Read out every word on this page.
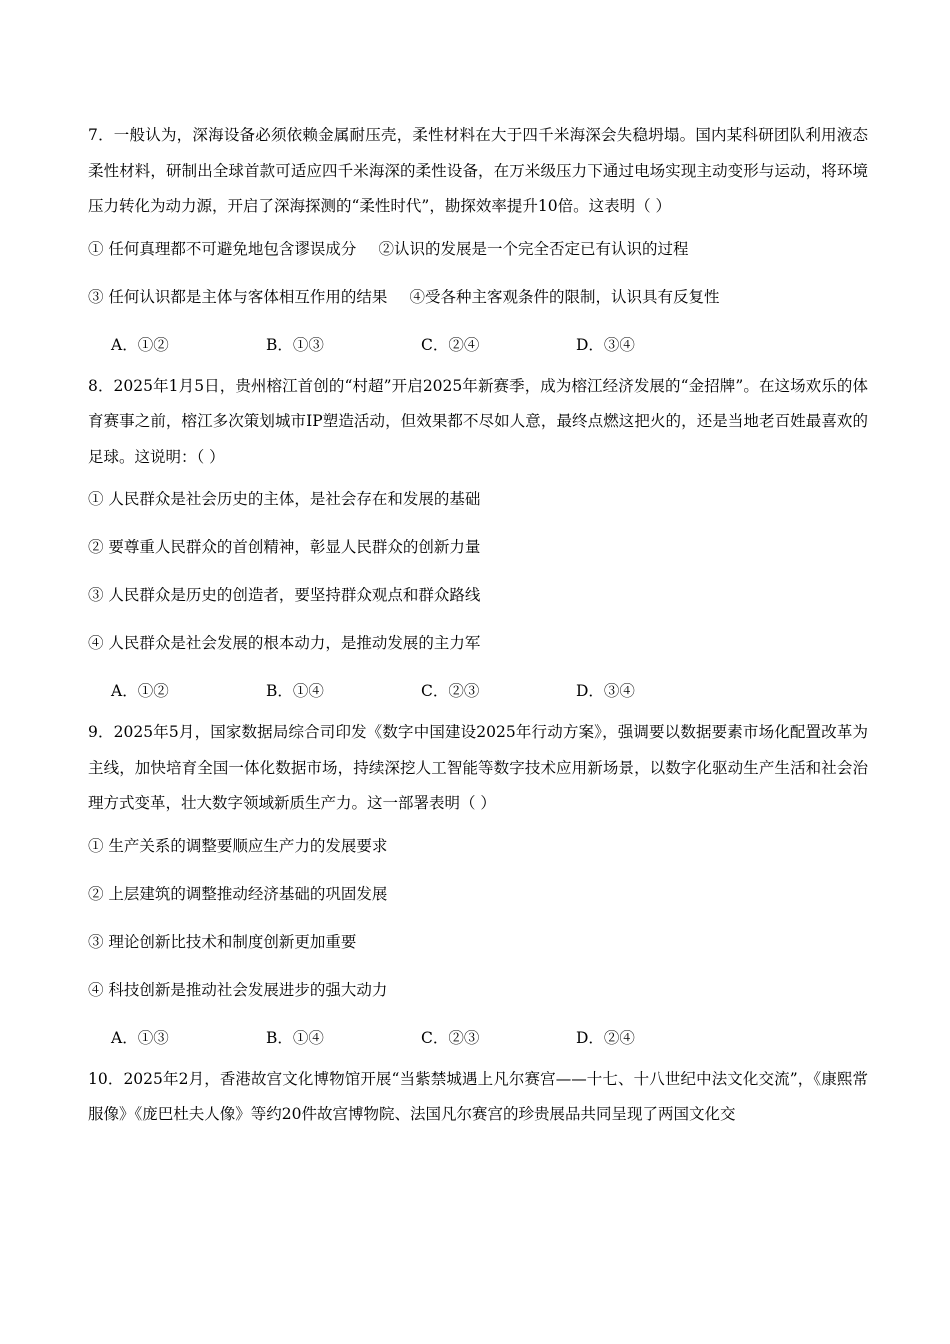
7．一般认为，深海设备必须依赖金属耐压壳，柔性材料在大于四千米海深会失稳坍塌。国内某科研团队利用液态柔性材料，研制出全球首款可适应四千米海深的柔性设备，在万米级压力下通过电场实现主动变形与运动，将环境压力转化为动力源，开启了深海探测的“柔性时代”，勘探效率提升10倍。这表明（ ）

① 任何真理都不可避免地包含谬误成分 ②认识的发展是一个完全否定已有认识的过程

③ 任何认识都是主体与客体相互作用的结果 ④受各种主客观条件的限制，认识具有反复性

A．①②	B．①③	C．②④	D．③④

8．2025年1月5日，贵州榕江首创的“村超”开启2025年新赛季，成为榕江经济发展的“金招牌”。在这场欢乐的体育赛事之前，榕江多次策划城市IP塑造活动，但效果都不尽如人意，最终点燃这把火的，还是当地老百姓最喜欢的足球。这说明：（ ）

① 人民群众是社会历史的主体，是社会存在和发展的基础

② 要尊重人民群众的首创精神，彰显人民群众的创新力量

③ 人民群众是历史的创造者，要坚持群众观点和群众路线

④ 人民群众是社会发展的根本动力，是推动发展的主力军

A．①②	B．①④	C．②③	D．③④

9．2025年5月，国家数据局综合司印发《数字中国建设2025年行动方案》，强调要以数据要素市场化配置改革为主线，加快培育全国一体化数据市场，持续深挖人工智能等数字技术应用新场景，以数字化驱动生产生活和社会治理方式变革，壮大数字领域新质生产力。这一部署表明（ ）

① 生产关系的调整要顺应生产力的发展要求

② 上层建筑的调整推动经济基础的巩固发展

③ 理论创新比技术和制度创新更加重要

④ 科技创新是推动社会发展进步的强大动力

A．①③	B．①④	C．②③	D．②④

10．2025年2月，香港故宫文化博物馆开展“当紫禁城遇上凡尔赛宫——十七、十八世纪中法文化交流”，《康熙常服像》《庞巴杜夫人像》等约20件故宫博物院、法国凡尔赛宫的珍贵展品共同呈现了两国文化交
